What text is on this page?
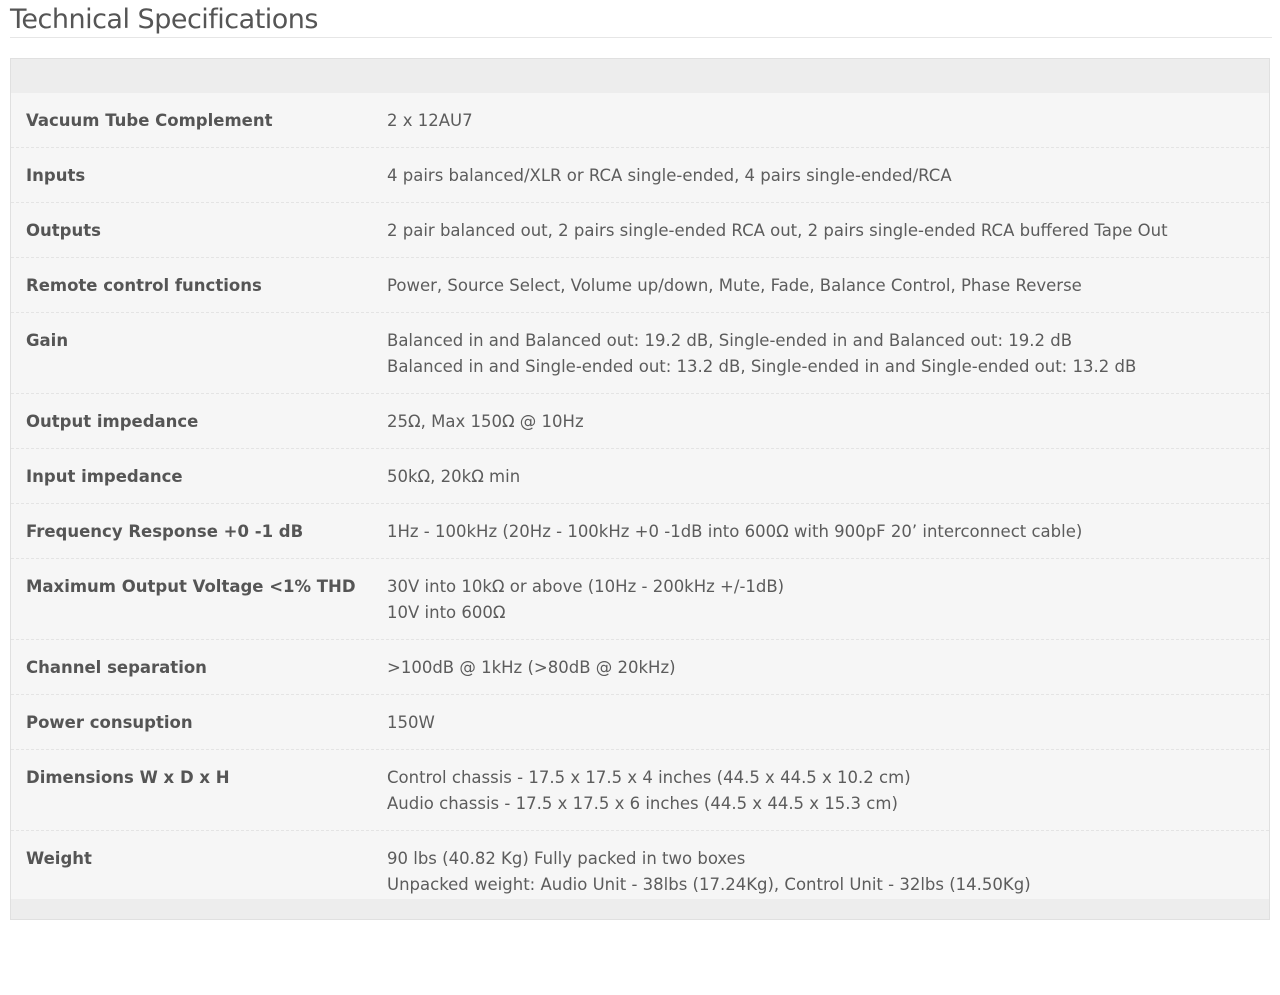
Technical Specifications
Vacuum Tube Complement	2 x 12AU7
Inputs	4 pairs balanced/XLR or RCA single-ended, 4 pairs single-ended/RCA
Outputs	2 pair balanced out, 2 pairs single-ended RCA out, 2 pairs single-ended RCA buffered Tape Out
Remote control functions	Power, Source Select, Volume up/down, Mute, Fade, Balance Control, Phase Reverse
Gain	Balanced in and Balanced out: 19.2 dB, Single-ended in and Balanced out: 19.2 dB
Balanced in and Single-ended out: 13.2 dB, Single-ended in and Single-ended out: 13.2 dB
Output impedance	25Ω, Max 150Ω @ 10Hz
Input impedance	50kΩ, 20kΩ min
Frequency Response +0 -1 dB	1Hz - 100kHz (20Hz - 100kHz +0 -1dB into 600Ω with 900pF 20’ interconnect cable)
Maximum Output Voltage <1% THD	30V into 10kΩ or above (10Hz - 200kHz +/-1dB)
10V into 600Ω
Channel separation	>100dB @ 1kHz (>80dB @ 20kHz)
Power consuption	150W
Dimensions W x D x H	Control chassis - 17.5 x 17.5 x 4 inches (44.5 x 44.5 x 10.2 cm)
Audio chassis - 17.5 x 17.5 x 6 inches (44.5 x 44.5 x 15.3 cm)
Weight	90 lbs (40.82 Kg) Fully packed in two boxes
Unpacked weight: Audio Unit - 38lbs (17.24Kg), Control Unit - 32lbs (14.50Kg)
